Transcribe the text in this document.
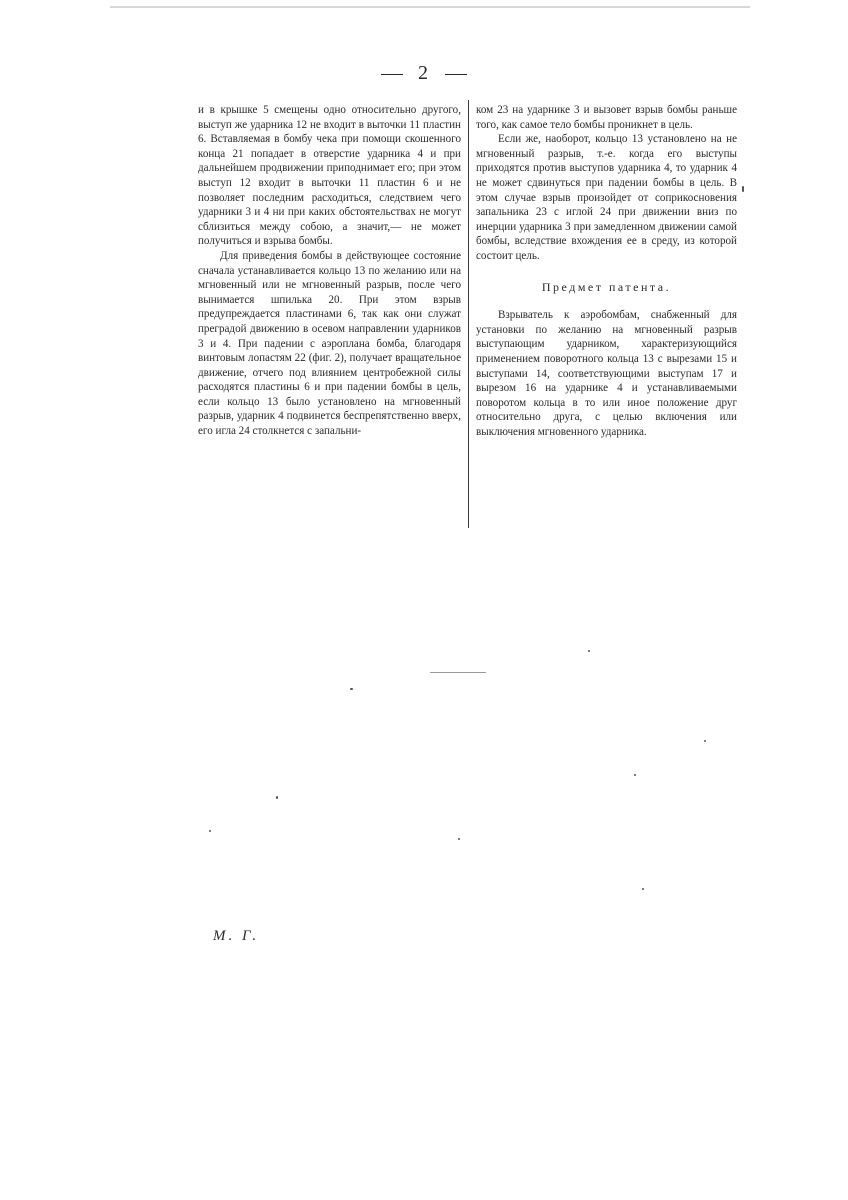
2

и в крышке 5 смещены одно относительно другого, выступ же ударника 12 не входит в выточки 11 пластин 6. Вставляемая в бомбу чека при помощи скошенного конца 21 попадает в отверстие ударника 4 и при дальнейшем продвижении приподнимает его; при этом выступ 12 входит в выточки 11 пластин 6 и не позволяет последним расходиться, следствием чего ударники 3 и 4 ни при каких обстоятельствах не могут сблизиться между собою, а значит,— не может получиться и взрыва бомбы.

Для приведения бомбы в действующее состояние сначала устанавливается кольцо 13 по желанию или на мгновенный или не мгновенный разрыв, после чего вынимается шпилька 20. При этом взрыв предупреждается пластинами 6, так как они служат преградой движению в осевом направлении ударников 3 и 4. При падении с аэроплана бомба, благодаря винтовым лопастям 22 (фиг. 2), получает вращательное движение, отчего под влиянием центробежной силы расходятся пластины 6 и при падении бомбы в цель, если кольцо 13 было установлено на мгновенный разрыв, ударник 4 подвинется беспрепятственно вверх, его игла 24 столкнется с запальни-

ком 23 на ударнике 3 и вызовет взрыв бомбы раньше того, как самое тело бомбы проникнет в цель.

Если же, наоборот, кольцо 13 установлено на не мгновенный разрыв, т.-е. когда его выступы приходятся против выступов ударника 4, то ударник 4 не может сдвинуться при падении бомбы в цель. В этом случае взрыв произойдет от соприкосновения запальника 23 с иглой 24 при движении вниз по инерции ударника 3 при замедленном движении самой бомбы, вследствие вхождения ее в среду, из которой состоит цель.

Предмет патента.

Взрыватель к аэробомбам, снабженный для установки по желанию на мгновенный разрыв выступающим ударником, характеризующийся применением поворотного кольца 13 с вырезами 15 и выступами 14, соответствующими выступам 17 и вырезом 16 на ударнике 4 и устанавливаемыми поворотом кольца в то или иное положение друг относительно друга, с целью включения или выключения мгновенного ударника.

М. Г.
